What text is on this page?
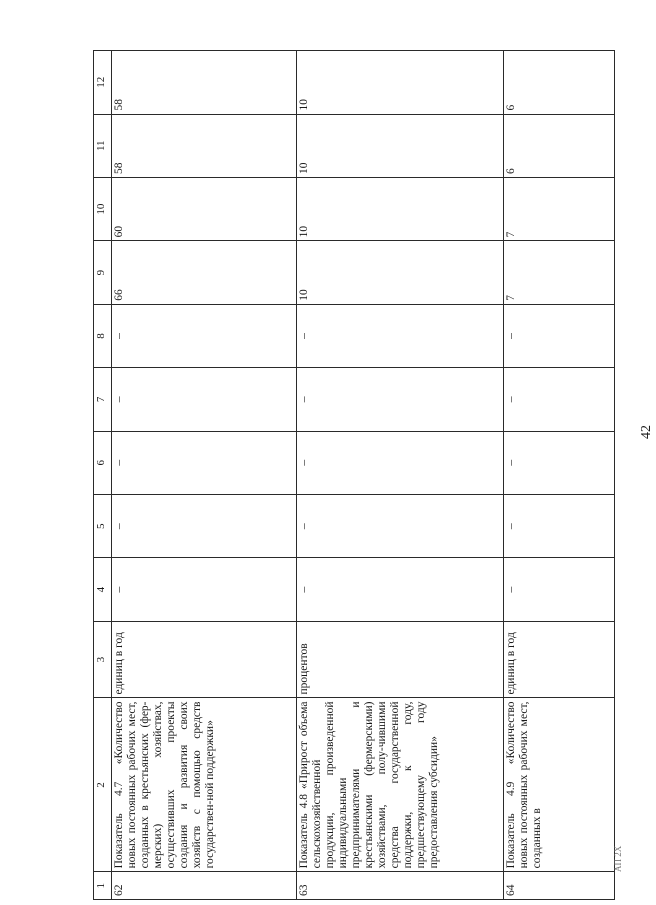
42
1	2	3	4	5	6	7	8	9	10	11	12
62	Показатель 4.7 «Количество новых постоянных рабочих мест, созданных в крестьянских (фер-мерских) хозяйствах, осуществивших проекты создания и развития своих хозяйств с помощью средств государствен-ной поддержки»	единиц в год	–	–	–	–	–	66	60	58	58
63	Показатель 4.8 «Прирост объема сельскохозяйственной продукции, произведенной индивидуальными предпринимателями и крестьянскими (фермерскими) хозяйствами, полу-чившими средства государственной поддержки, к году, предшествующему году предоставления субсидии»	процентов	–	–	–	–	–	10	10	10	10
64	Показатель 4.9 «Количество новых постоянных рабочих мест, созданных в	единиц в год	–	–	–	–	–	7	7	6	6
АП 2Х
